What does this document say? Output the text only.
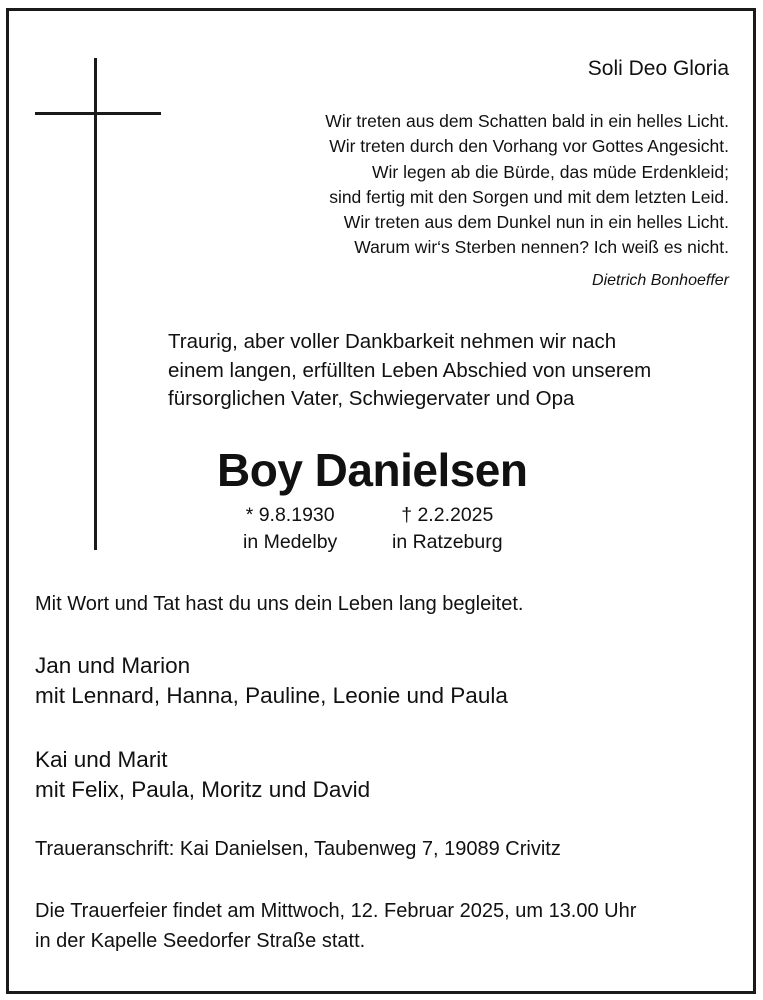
Soli Deo Gloria
Wir treten aus dem Schatten bald in ein helles Licht.
Wir treten durch den Vorhang vor Gottes Angesicht.
Wir legen ab die Bürde, das müde Erdenkleid;
sind fertig mit den Sorgen und mit dem letzten Leid.
Wir treten aus dem Dunkel nun in ein helles Licht.
Warum wir‘s Sterben nennen? Ich weiß es nicht.
Dietrich Bonhoeffer
Traurig, aber voller Dankbarkeit nehmen wir nach
einem langen, erfüllten Leben Abschied von unserem
fürsorglichen Vater, Schwiegervater und Opa
Boy Danielsen
* 9.8.1930
in Medelby
† 2.2.2025
in Ratzeburg
Mit Wort und Tat hast du uns dein Leben lang begleitet.
Jan und Marion
mit Lennard, Hanna, Pauline, Leonie und Paula
Kai und Marit
mit Felix, Paula, Moritz und David
Traueranschrift: Kai Danielsen, Taubenweg 7, 19089 Crivitz
Die Trauerfeier findet am Mittwoch, 12. Februar 2025, um 13.00 Uhr
in der Kapelle Seedorfer Straße statt.
